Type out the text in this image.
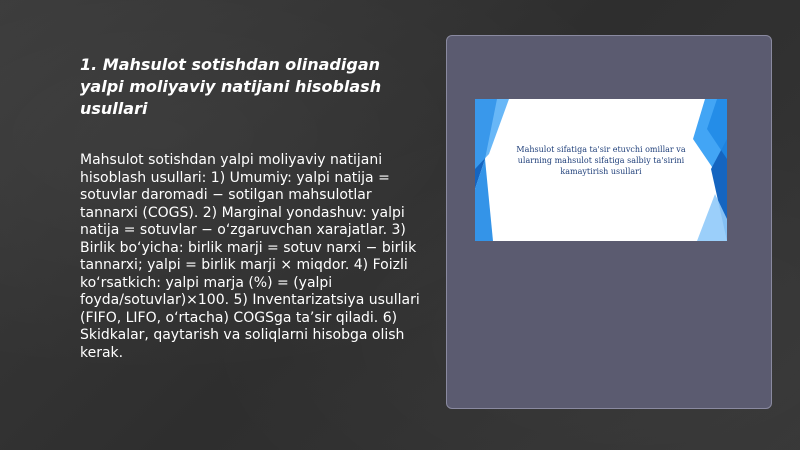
1. Mahsulot sotishdan olinadigan yalpi moliyaviy natijani hisoblash usullari

Mahsulot sotishdan yalpi moliyaviy natijani hisoblash usullari: 1) Umumiy: yalpi natija = sotuvlar daromadi − sotilgan mahsulotlar tannarxi (COGS). 2) Marginal yondashuv: yalpi natija = sotuvlar − o‘zgaruvchan xarajatlar. 3) Birlik bo‘yicha: birlik marji = sotuv narxi − birlik tannarxi; yalpi = birlik marji × miqdor. 4) Foizli ko‘rsatkich: yalpi marja (%) = (yalpi foyda/sotuvlar)×100. 5) Inventarizatsiya usullari (FIFO, LIFO, o‘rtacha) COGSga ta’sir qiladi. 6) Skidkalar, qaytarish va soliqlarni hisobga olish kerak.

Mahsulot sifatiga ta'sir etuvchi omillar va ularning mahsulot sifatiga salbiy ta'sirini kamaytirish usullari
